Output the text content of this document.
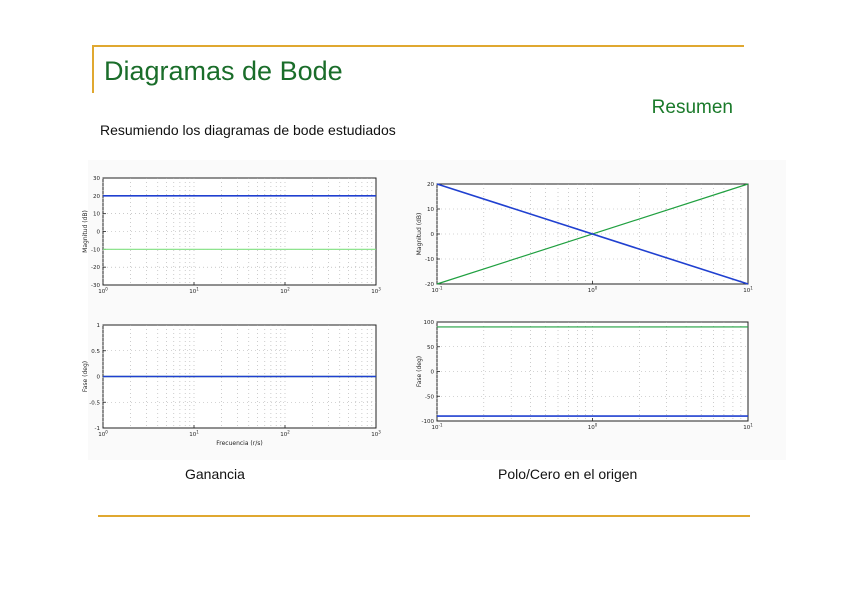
Diagramas de Bode
Resumen
Resumiendo los diagramas de bode estudiados
30
20
10
0
-10
-20
-30
$10^0$	$10^1$	$10^2$	$10^3$
Magnitud (dB)
1
0.5
0
-0.5
-1
$10^0$	$10^1$	$10^2$	$10^3$
Fase (deg)
Frecuencia (r/s)
20
10
0
-10
-20
$10^{-1}$	$10^0$	$10^1$
Magnitud (dB)
100
50
0
-50
-100
$10^{-1}$	$10^0$	$10^1$
Fase (deg)
Ganancia	Polo/Cero en el origen
